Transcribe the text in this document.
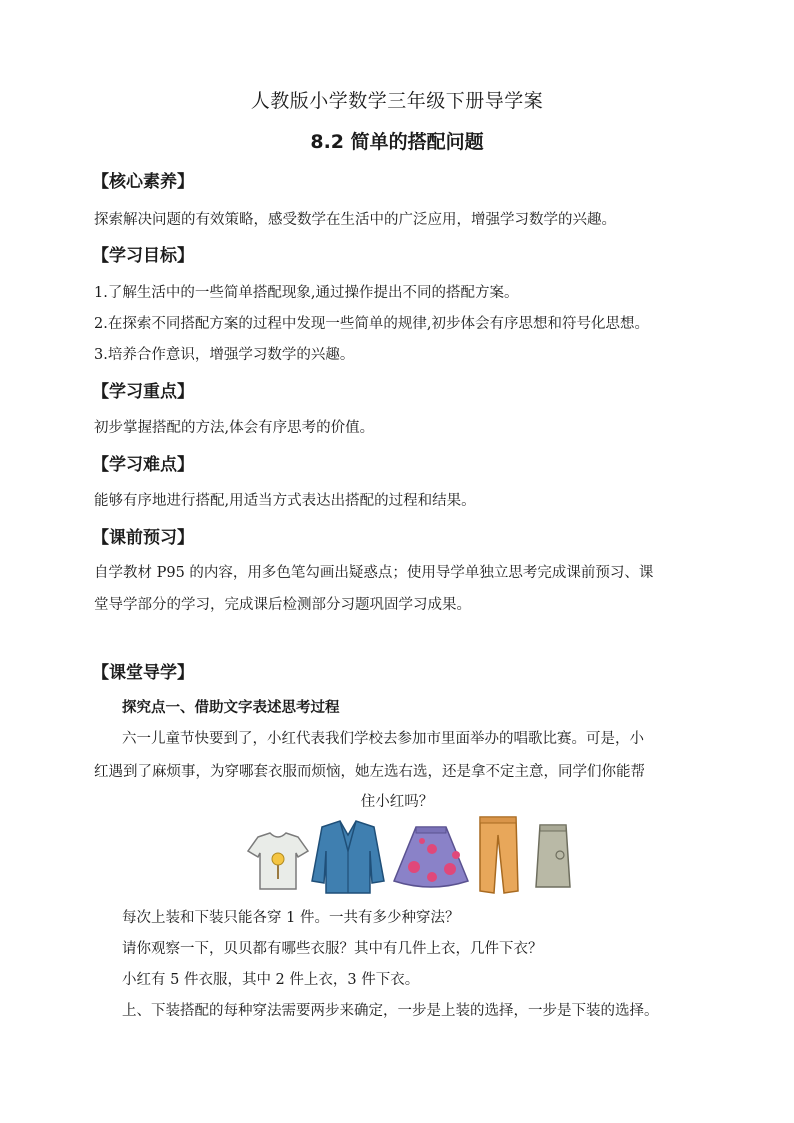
人教版小学数学三年级下册导学案
8.2 简单的搭配问题
【核心素养】
探索解决问题的有效策略，感受数学在生活中的广泛应用，增强学习数学的兴趣。
【学习目标】
1.了解生活中的一些简单搭配现象,通过操作提出不同的搭配方案。
2.在探索不同搭配方案的过程中发现一些简单的规律,初步体会有序思想和符号化思想。
3.培养合作意识，增强学习数学的兴趣。
【学习重点】
初步掌握搭配的方法,体会有序思考的价值。
【学习难点】
能够有序地进行搭配,用适当方式表达出搭配的过程和结果。
【课前预习】
自学教材 P95 的内容，用多色笔勾画出疑惑点；使用导学单独立思考完成课前预习、课
堂导学部分的学习，完成课后检测部分习题巩固学习成果。
【课堂导学】
探究点一、借助文字表述思考过程
六一儿童节快要到了，小红代表我们学校去参加市里面举办的唱歌比赛。可是，小
红遇到了麻烦事，为穿哪套衣服而烦恼，她左选右选，还是拿不定主意，同学们你能帮
住小红吗？
每次上装和下装只能各穿 1 件。一共有多少种穿法？
请你观察一下，贝贝都有哪些衣服？其中有几件上衣，几件下衣？
小红有 5 件衣服，其中 2 件上衣，3 件下衣。
上、下装搭配的每种穿法需要两步来确定，一步是上装的选择，一步是下装的选择。
